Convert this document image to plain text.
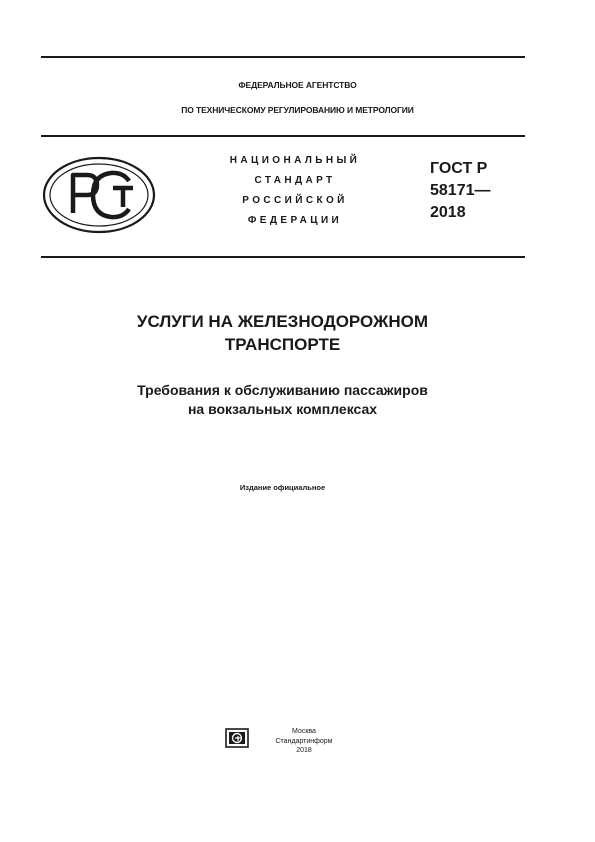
ФЕДЕРАЛЬНОЕ АГЕНТСТВО
ПО ТЕХНИЧЕСКОМУ РЕГУЛИРОВАНИЮ И МЕТРОЛОГИИ
НАЦИОНАЛЬНЫЙ
СТАНДАРТ
РОССИЙСКОЙ
ФЕДЕРАЦИИ
ГОСТ Р
58171—
2018
УСЛУГИ НА ЖЕЛЕЗНОДОРОЖНОМ
ТРАНСПОРТЕ
Требования к обслуживанию пассажиров
на вокзальных комплексах
Издание официальное
Москва
Стандартинформ
2018
